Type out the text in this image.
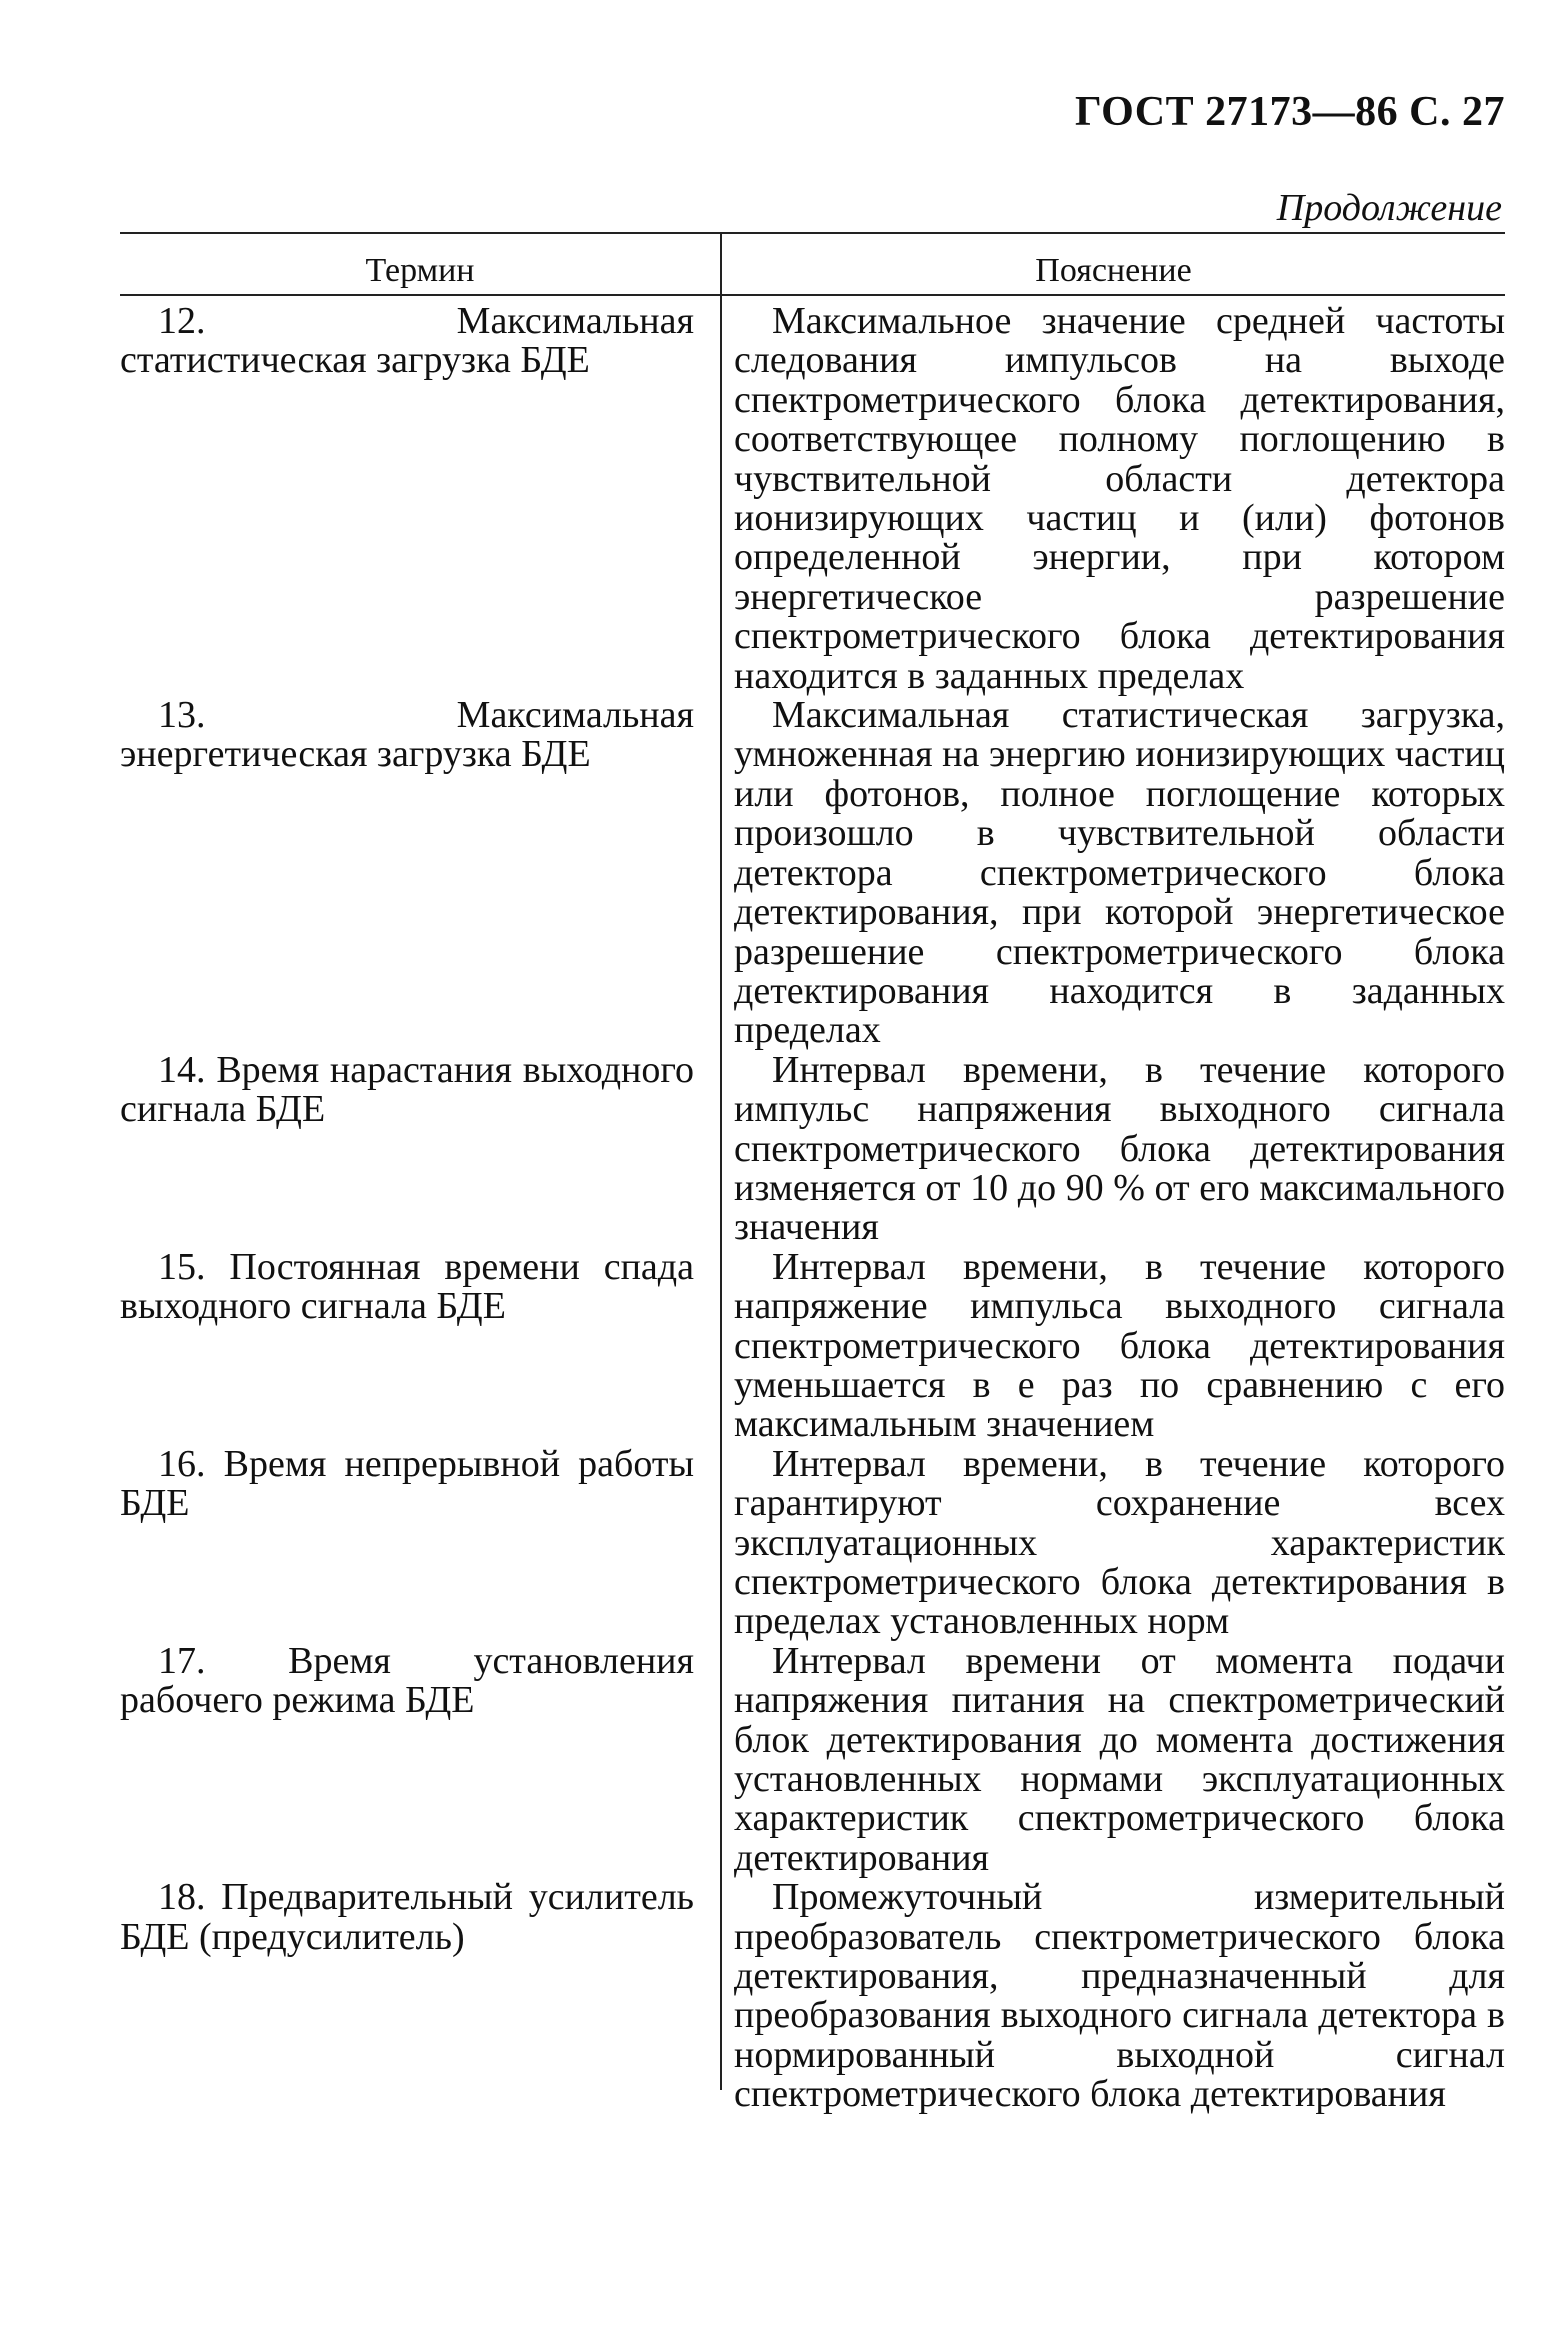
ГОСТ 27173—86 С. 27
Продолжение
Термин	Пояснение
12. Максимальная статистическая загрузка БДЕ
Максимальное значение средней частоты следования импульсов на выходе спектрометрического блока детектирования, соответствующее полному поглощению в чувствительной области детектора ионизирующих частиц и (или) фотонов определенной энергии, при котором энергетическое разрешение спектрометрического блока детектирования находится в заданных пределах
13. Максимальная энергетическая загрузка БДЕ
Максимальная статистическая загрузка, умноженная на энергию ионизирующих частиц или фотонов, полное поглощение которых произошло в чувствительной области детектора спектрометрического блока детектирования, при которой энергетическое разрешение спектрометрического блока детектирования находится в заданных пределах
14. Время нарастания выходного сигнала БДЕ
Интервал времени, в течение которого импульс напряжения выходного сигнала спектрометрического блока детектирования изменяется от 10 до 90 % от его максимального значения
15. Постоянная времени спада выходного сигнала БДЕ
Интервал времени, в течение которого напряжение импульса выходного сигнала спектрометрического блока детектирования уменьшается в e раз по сравнению с его максимальным значением
16. Время непрерывной работы БДЕ
Интервал времени, в течение которого гарантируют сохранение всех эксплуатационных характеристик спектрометрического блока детектирования в пределах установленных норм
17. Время установления рабочего режима БДЕ
Интервал времени от момента подачи напряжения питания на спектрометрический блок детектирования до момента достижения установленных нормами эксплуатационных характеристик спектрометрического блока детектирования
18. Предварительный усилитель БДЕ (предусилитель)
Промежуточный измерительный преобразователь спектрометрического блока детектирования, предназначенный для преобразования выходного сигнала детектора в нормированный выходной сигнал спектрометрического блока детектирования
